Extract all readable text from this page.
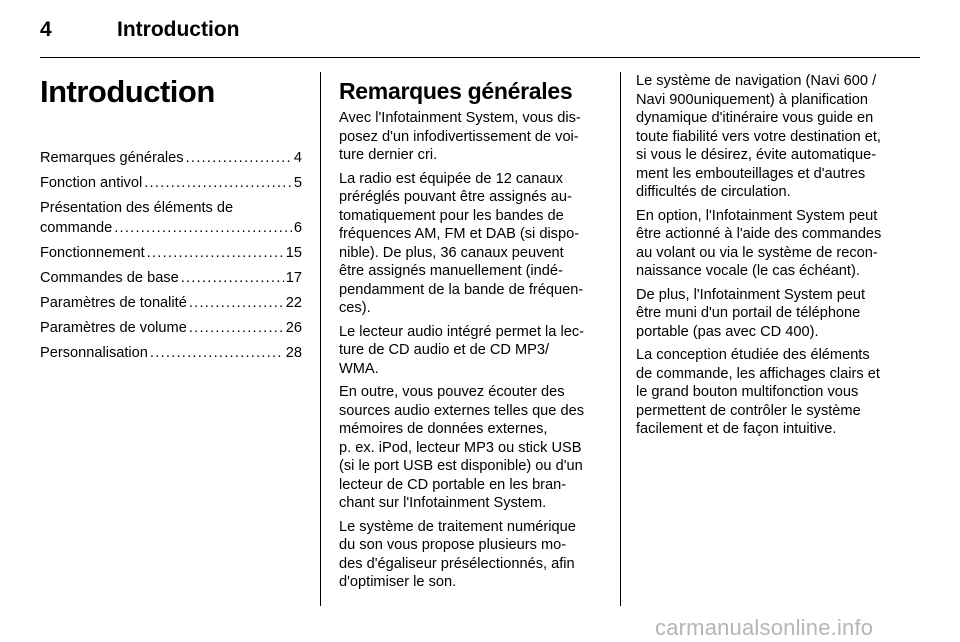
4	Introduction
Introduction
Remarques générales . . .	4
Fonction antivol . . .	5
Présentation des éléments de
commande . . .	6
Fonctionnement . . .	15
Commandes de base . . .	17
Paramètres de tonalité . . .	22
Paramètres de volume . . .	26
Personnalisation . . .	28
Remarques générales

Avec l'Infotainment System, vous dis-
posez d'un infodivertissement de voi-
ture dernier cri.

La radio est équipée de 12 canaux
préréglés pouvant être assignés au-
tomatiquement pour les bandes de
fréquences AM, FM et DAB (si dispo-
nible). De plus, 36 canaux peuvent
être assignés manuellement (indé-
pendamment de la bande de fréquen-
ces).

Le lecteur audio intégré permet la lec-
ture de CD audio et de CD MP3/
WMA.

En outre, vous pouvez écouter des
sources audio externes telles que des
mémoires de données externes,
p. ex. iPod, lecteur MP3 ou stick USB
(si le port USB est disponible) ou d'un
lecteur de CD portable en les bran-
chant sur l'Infotainment System.

Le système de traitement numérique
du son vous propose plusieurs mo-
des d'égaliseur présélectionnés, afin
d'optimiser le son.

Le système de navigation (Navi 600 /
Navi 900uniquement) à planification
dynamique d'itinéraire vous guide en
toute fiabilité vers votre destination et,
si vous le désirez, évite automatique-
ment les embouteillages et d'autres
difficultés de circulation.

En option, l'Infotainment System peut
être actionné à l'aide des commandes
au volant ou via le système de recon-
naissance vocale (le cas échéant).

De plus, l'Infotainment System peut
être muni d'un portail de téléphone
portable (pas avec CD 400).

La conception étudiée des éléments
de commande, les affichages clairs et
le grand bouton multifonction vous
permettent de contrôler le système
facilement et de façon intuitive.

carmanualsonline.info
